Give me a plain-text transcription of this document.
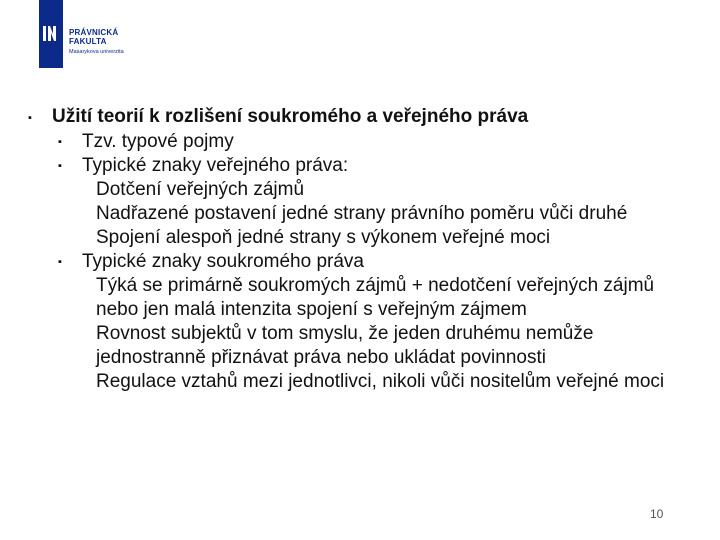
PRÁVNICKÁ
FAKULTA
Masarykova univerzita
▪ Užití teorií k rozlišení soukromého a veřejného práva
▪ Tzv. typové pojmy
▪ Typické znaky veřejného práva:
Dotčení veřejných zájmů
Nadřazené postavení jedné strany právního poměru vůči druhé
Spojení alespoň jedné strany s výkonem veřejné moci
▪ Typické znaky soukromého práva
Týká se primárně soukromých zájmů + nedotčení veřejných zájmů nebo jen malá intenzita spojení s veřejným zájmem
Rovnost subjektů v tom smyslu, že jeden druhému nemůže jednostranně přiznávat práva nebo ukládat povinnosti
Regulace vztahů mezi jednotlivci, nikoli vůči nositelům veřejné moci
10
